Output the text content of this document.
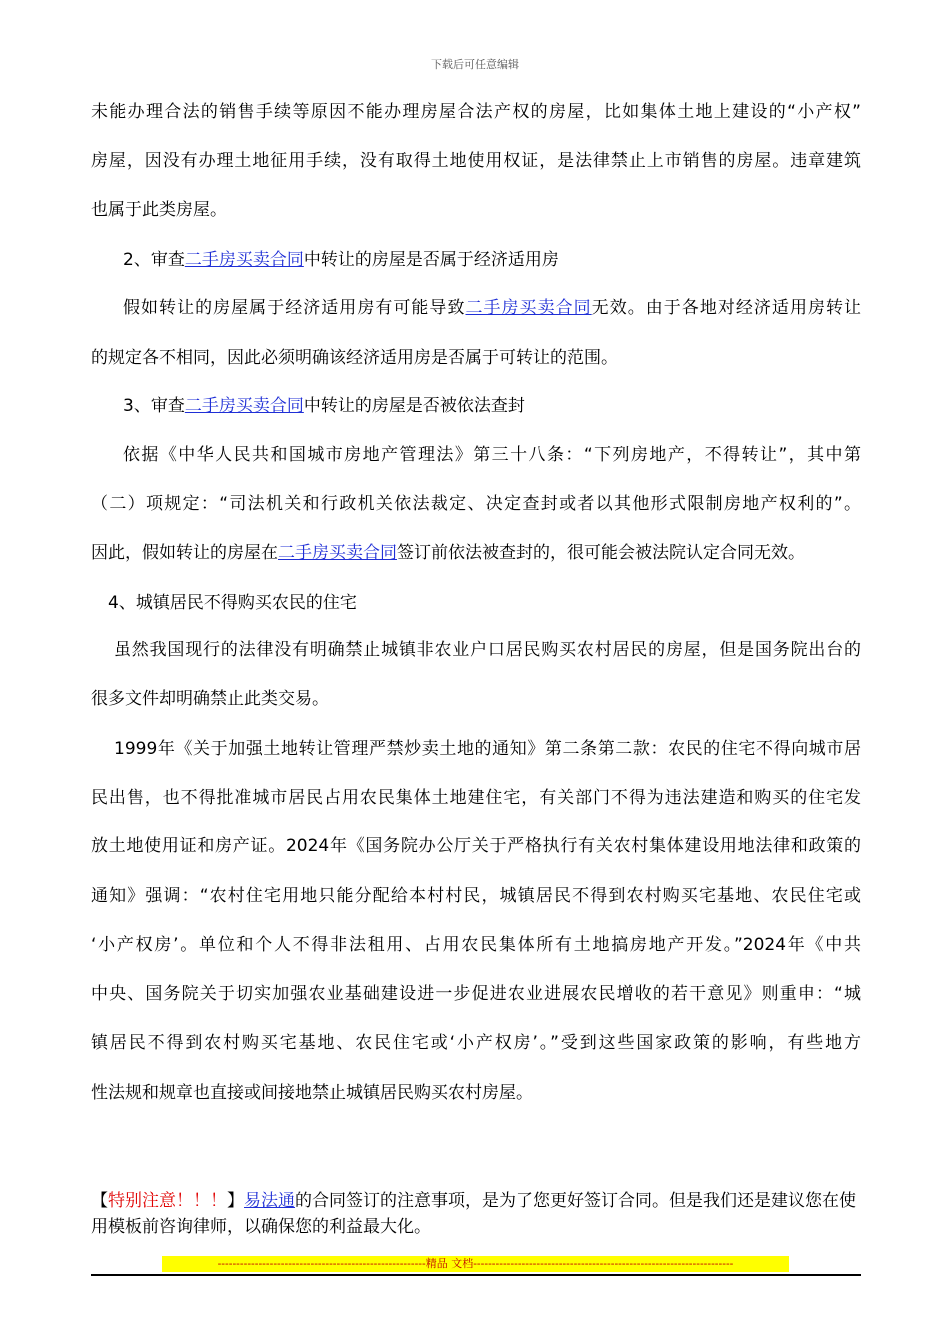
下载后可任意编辑
未能办理合法的销售手续等原因不能办理房屋合法产权的房屋，比如集体土地上建设的“小产权”
房屋，因没有办理土地征用手续，没有取得土地使用权证，是法律禁止上市销售的房屋。违章建筑
也属于此类房屋。
2、审查二手房买卖合同中转让的房屋是否属于经济适用房
假如转让的房屋属于经济适用房有可能导致二手房买卖合同无效。由于各地对经济适用房转让
的规定各不相同，因此必须明确该经济适用房是否属于可转让的范围。
3、审查二手房买卖合同中转让的房屋是否被依法查封
依据《中华人民共和国城市房地产管理法》第三十八条：“下列房地产，不得转让”，其中第
（二）项规定：“司法机关和行政机关依法裁定、决定查封或者以其他形式限制房地产权利的”。
因此，假如转让的房屋在二手房买卖合同签订前依法被查封的，很可能会被法院认定合同无效。
4、城镇居民不得购买农民的住宅
虽然我国现行的法律没有明确禁止城镇非农业户口居民购买农村居民的房屋，但是国务院出台的
很多文件却明确禁止此类交易。
1999年《关于加强土地转让管理严禁炒卖土地的通知》第二条第二款：农民的住宅不得向城市居
民出售，也不得批准城市居民占用农民集体土地建住宅，有关部门不得为违法建造和购买的住宅发
放土地使用证和房产证。2024年《国务院办公厅关于严格执行有关农村集体建设用地法律和政策的
通知》强调：“农村住宅用地只能分配给本村村民，城镇居民不得到农村购买宅基地、农民住宅或
‘小产权房’。单位和个人不得非法租用、占用农民集体所有土地搞房地产开发。”2024年《中共
中央、国务院关于切实加强农业基础建设进一步促进农业进展农民增收的若干意见》则重申：“城
镇居民不得到农村购买宅基地、农民住宅或‘小产权房’。”受到这些国家政策的影响，有些地方
性法规和规章也直接或间接地禁止城镇居民购买农村房屋。
【特别注意！！！】易法通的合同签订的注意事项，是为了您更好签订合同。但是我们还是建议您在使
用模板前咨询律师，以确保您的利益最大化。
--------------------------------------------------------精品 文档----------------------------------------------------------------------
